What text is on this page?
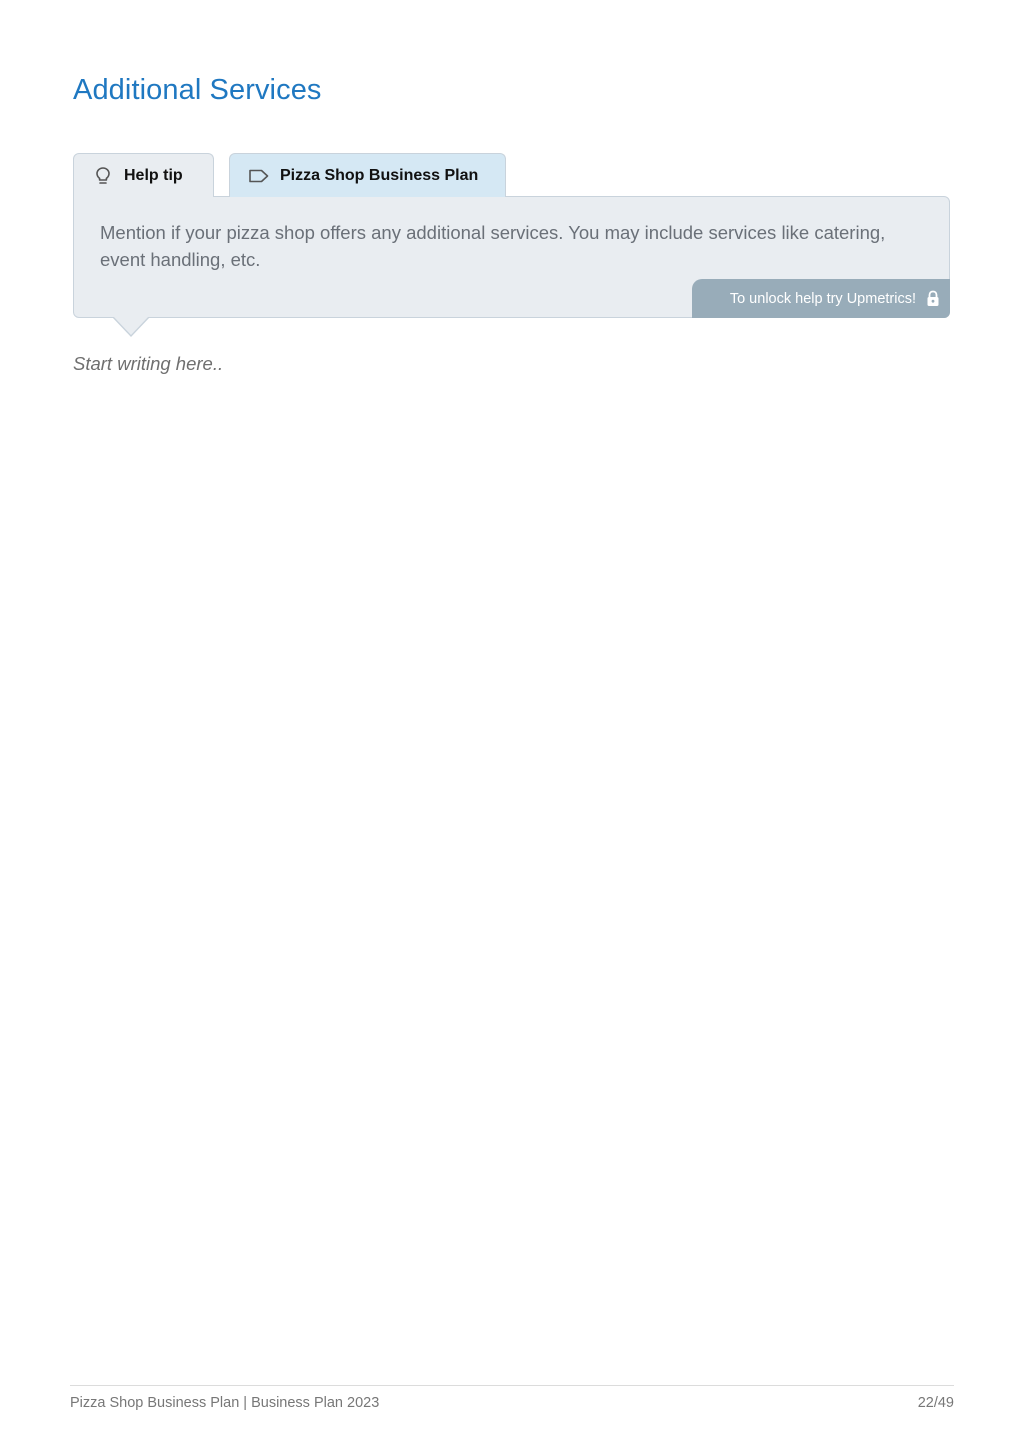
Additional Services
Help tip	Pizza Shop Business Plan

Mention if your pizza shop offers any additional services. You may include services like catering, event handling, etc.

To unlock help try Upmetrics!

Start writing here..

Pizza Shop Business Plan | Business Plan 2023	22/49
